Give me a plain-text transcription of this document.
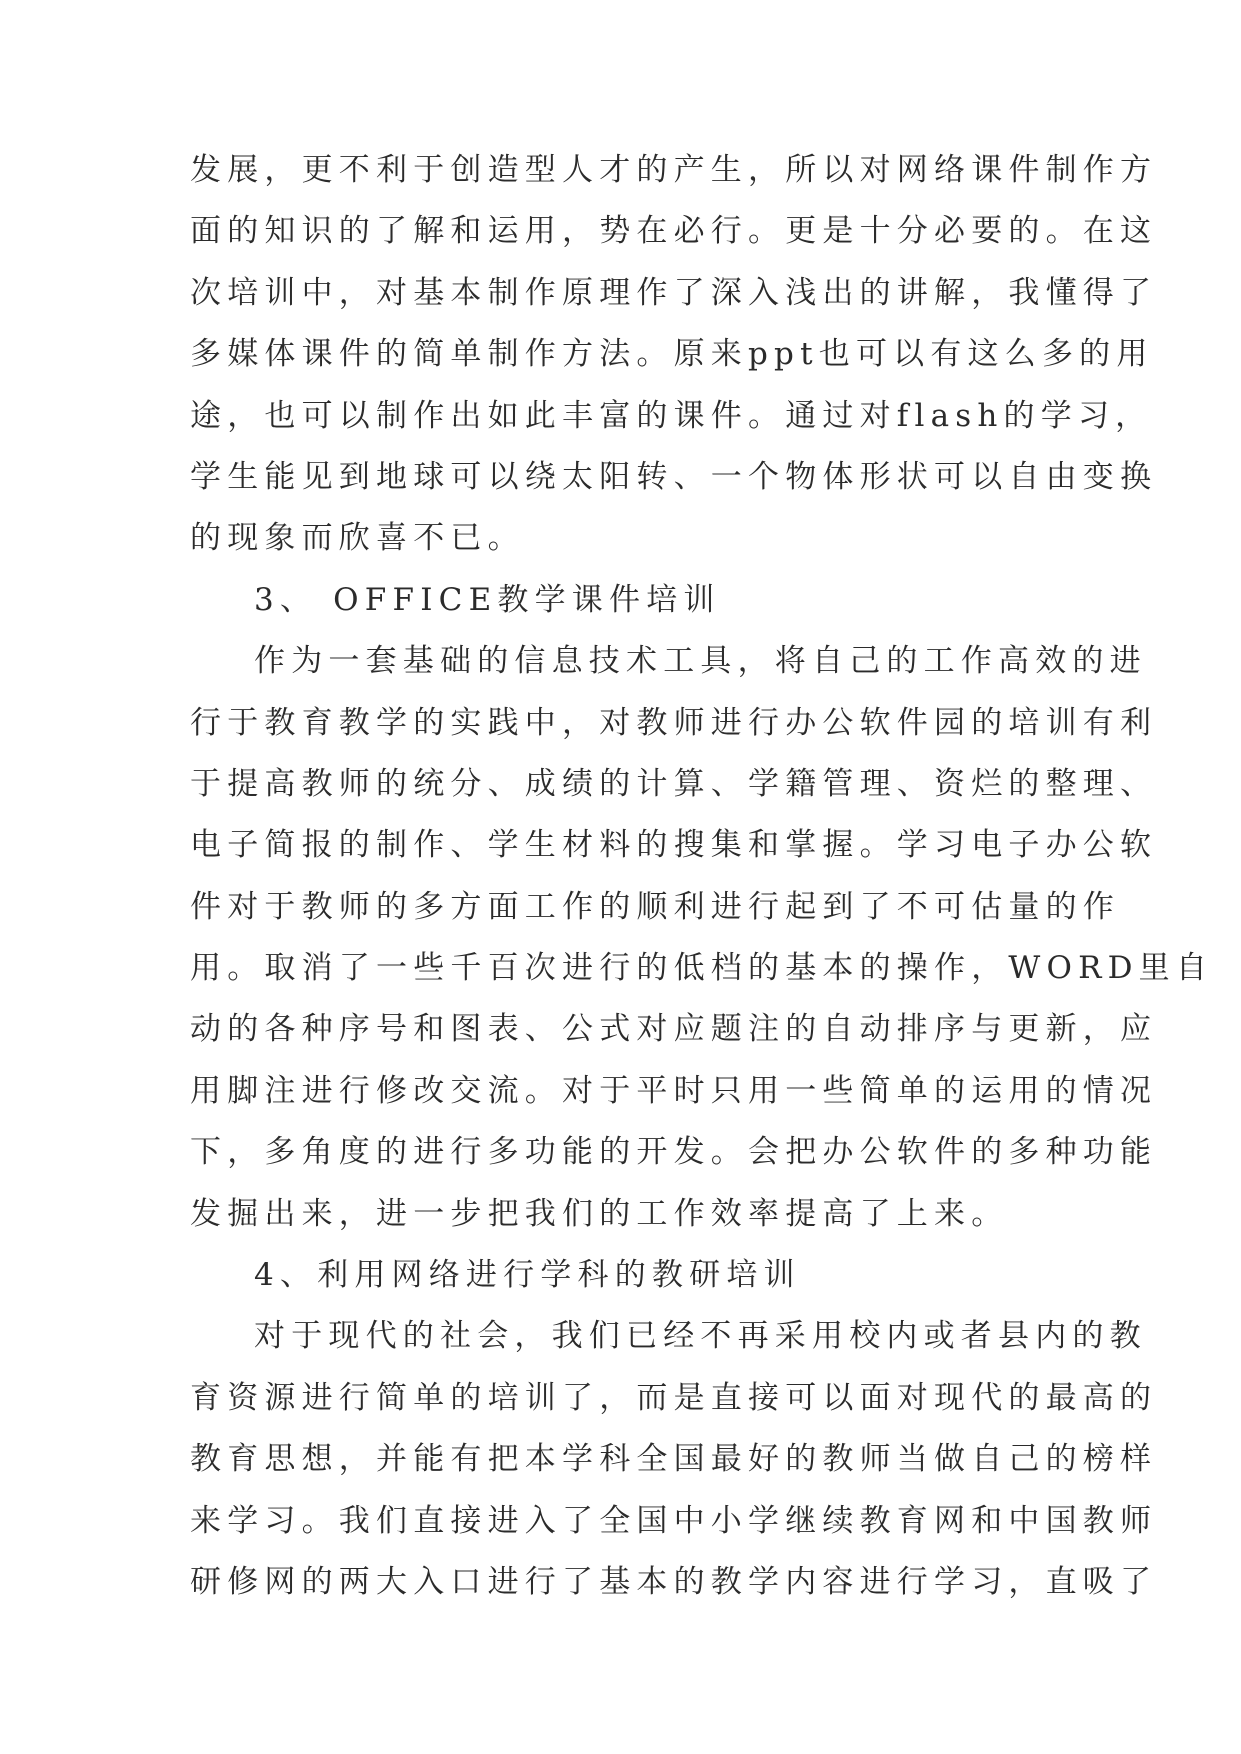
发展，更不利于创造型人才的产生，所以对网络课件制作方
面的知识的了解和运用，势在必行。更是十分必要的。在这
次培训中，对基本制作原理作了深入浅出的讲解，我懂得了
多媒体课件的简单制作方法。原来ppt也可以有这么多的用
途，也可以制作出如此丰富的课件。通过对flash的学习，
学生能见到地球可以绕太阳转、一个物体形状可以自由变换
的现象而欣喜不已。
3、 OFFICE教学课件培训
作为一套基础的信息技术工具，将自己的工作高效的进
行于教育教学的实践中，对教师进行办公软件园的培训有利
于提高教师的统分、成绩的计算、学籍管理、资烂的整理、
电子简报的制作、学生材料的搜集和掌握。学习电子办公软
件对于教师的多方面工作的顺利进行起到了不可估量的作
用。取消了一些千百次进行的低档的基本的操作，WORD里自
动的各种序号和图表、公式对应题注的自动排序与更新，应
用脚注进行修改交流。对于平时只用一些简单的运用的情况
下，多角度的进行多功能的开发。会把办公软件的多种功能
发掘出来，进一步把我们的工作效率提高了上来。
4、利用网络进行学科的教研培训
对于现代的社会，我们已经不再采用校内或者县内的教
育资源进行简单的培训了，而是直接可以面对现代的最高的
教育思想，并能有把本学科全国最好的教师当做自己的榜样
来学习。我们直接进入了全国中小学继续教育网和中国教师
研修网的两大入口进行了基本的教学内容进行学习，直吸了
